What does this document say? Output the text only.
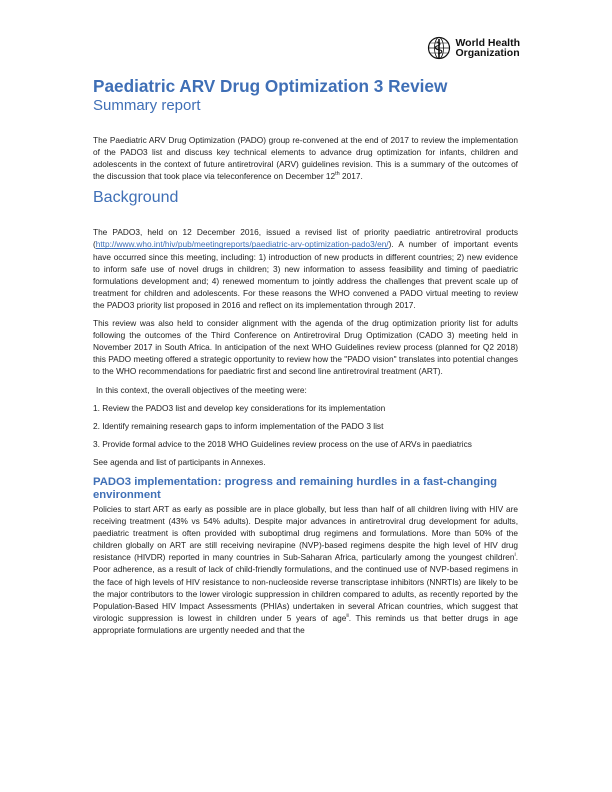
World Health
Organization
Paediatric ARV Drug Optimization 3 Review
Summary report

The Paediatric ARV Drug Optimization (PADO) group re-convened at the end of 2017 to review the implementation of the PADO3 list and discuss key technical elements to advance drug optimization for infants, children and adolescents in the context of future antiretroviral (ARV) guidelines revision. This is a summary of the outcomes of the discussion that took place via teleconference on December 12th 2017.

Background

The PADO3, held on 12 December 2016, issued a revised list of priority paediatric antiretroviral products (http://www.who.int/hiv/pub/meetingreports/paediatric-arv-optimization-pado3/en/). A number of important events have occurred since this meeting, including: 1) introduction of new products in different countries; 2) new evidence to inform safe use of novel drugs in children; 3) new information to assess feasibility and timing of paediatric formulations development and; 4) renewed momentum to jointly address the challenges that prevent scale up of treatment for children and adolescents. For these reasons the WHO convened a PADO virtual meeting to review the PADO3 priority list proposed in 2016 and reflect on its implementation through 2017.

This review was also held to consider alignment with the agenda of the drug optimization priority list for adults following the outcomes of the Third Conference on Antiretroviral Drug Optimization (CADO 3) meeting held in November 2017 in South Africa. In anticipation of the next WHO Guidelines review process (planned for Q2 2018) this PADO meeting offered a strategic opportunity to review how the "PADO vision" translates into potential changes to the WHO recommendations for paediatric first and second line antiretroviral treatment (ART).

In this context, the overall objectives of the meeting were:

1. Review the PADO3 list and develop key considerations for its implementation

2. Identify remaining research gaps to inform implementation of the PADO 3 list

3. Provide formal advice to the 2018 WHO Guidelines review process on the use of ARVs in paediatrics

See agenda and list of participants in Annexes.

PADO3 implementation: progress and remaining hurdles in a fast-changing environment

Policies to start ART as early as possible are in place globally, but less than half of all children living with HIV are receiving treatment (43% vs 54% adults). Despite major advances in antiretroviral drug development for adults, paediatric treatment is often provided with suboptimal drug regimens and formulations. More than 50% of the children globally on ART are still receiving nevirapine (NVP)-based regimens despite the high level of HIV drug resistance (HIVDR) reported in many countries in Sub-Saharan Africa, particularly among the youngest children$^i$. Poor adherence, as a result of lack of child-friendly formulations, and the continued use of NVP-based regimens in the face of high levels of HIV resistance to non-nucleoside reverse transcriptase inhibitors (NNRTIs) are likely to be the major contributors to the lower virologic suppression in children compared to adults, as recently reported by the Population-Based HIV Impact Assessments (PHIAs) undertaken in several African countries, which suggest that virologic suppression is lowest in children under 5 years of age$^{ii}$. This reminds us that better drugs in age appropriate formulations are urgently needed and that the
